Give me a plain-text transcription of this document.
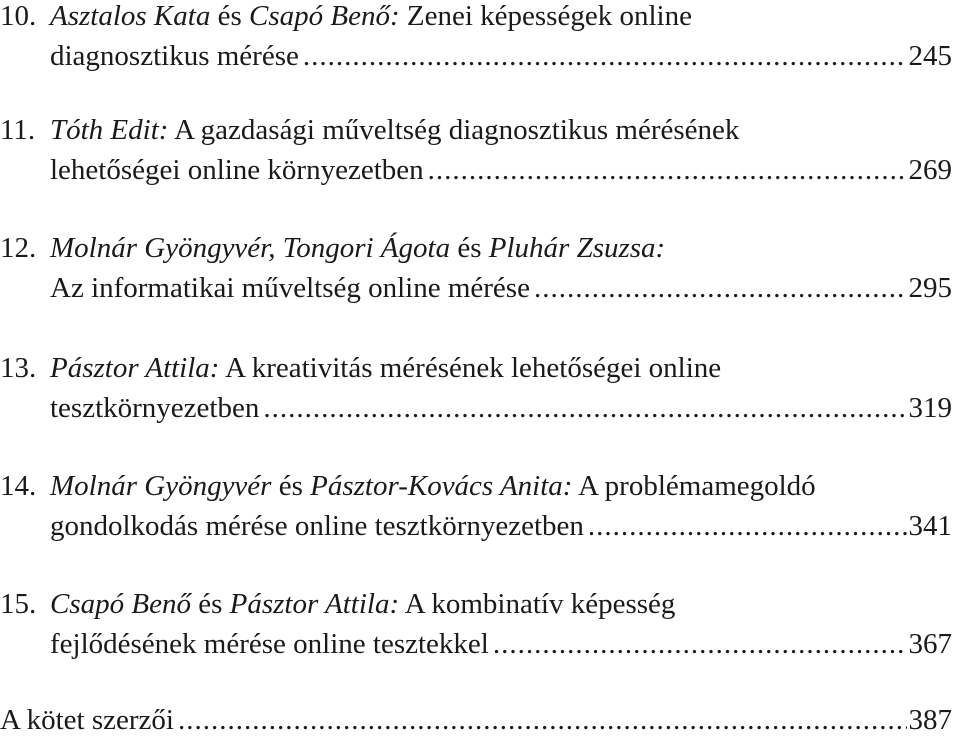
10. Asztalos Kata és Csapó Benő: Zenei képességek online
diagnosztikus mérése .....	245
11. Tóth Edit: A gazdasági műveltség diagnosztikus mérésének
lehetőségei online környezetben .....	269
12. Molnár Gyöngyvér, Tongori Ágota és Pluhár Zsuzsa:
Az informatikai műveltség online mérése .....	295
13. Pásztor Attila: A kreativitás mérésének lehetőségei online
tesztkörnyezetben .....	319
14. Molnár Gyöngyvér és Pásztor-Kovács Anita: A problémamegoldó
gondolkodás mérése online tesztkörnyezetben .....	341
15. Csapó Benő és Pásztor Attila: A kombinatív képesség
fejlődésének mérése online tesztekkel .....	367
A kötet szerzői .....	387
